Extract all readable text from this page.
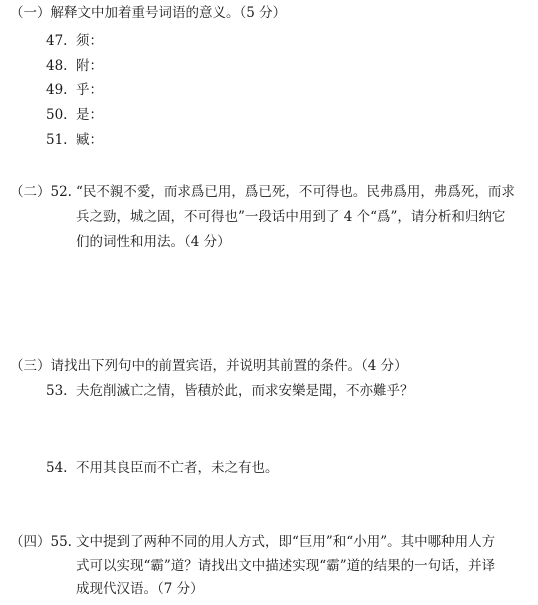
（一）解释文中加着重号词语的意义。（5 分）
47. 须：
48. 附：
49. 乎：
50. 是：
51. 臧：
（二）52. “民不親不愛，而求爲已用，爲已死，不可得也。民弗爲用，弗爲死，而求
兵之勁，城之固，不可得也”一段话中用到了 4 个“爲”，请分析和归纳它
们的词性和用法。（4 分）
（三）请找出下列句中的前置宾语，并说明其前置的条件。（4 分）
53. 夫危削滅亡之情，皆積於此，而求安樂是聞，不亦難乎？
54. 不用其良臣而不亡者，未之有也。
（四）55. 文中提到了两种不同的用人方式，即“巨用”和“小用”。其中哪种用人方
式可以实现“霸”道？请找出文中描述实现“霸”道的结果的一句话，并译
成现代汉语。（7 分）
